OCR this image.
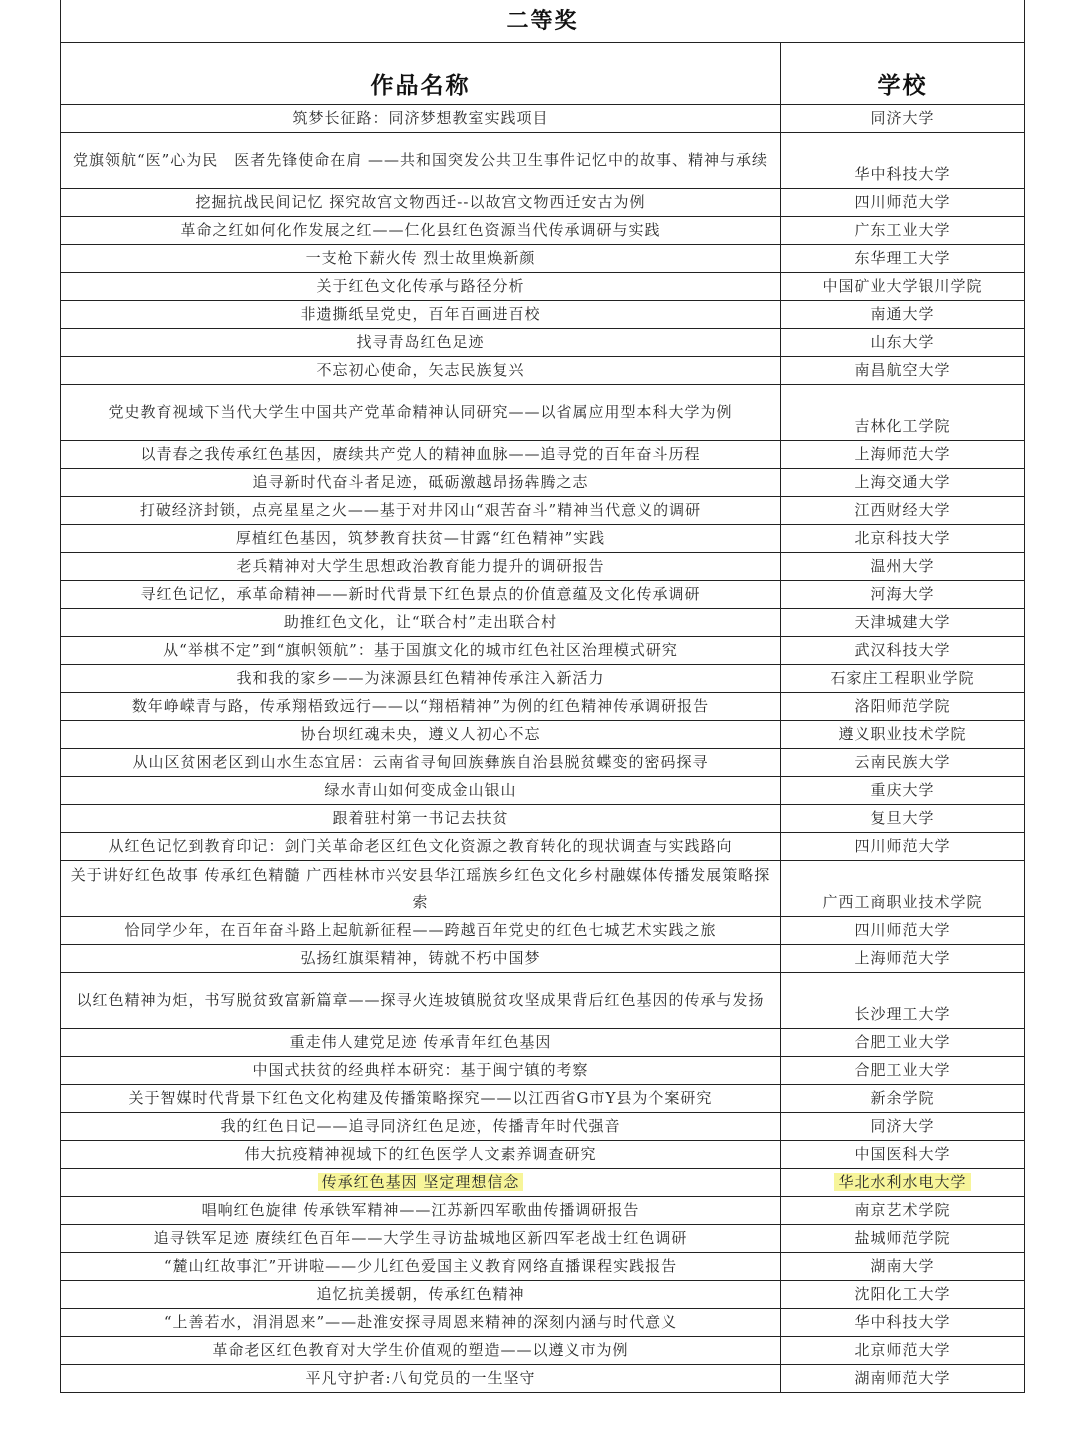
二等奖	
作品名称	学校
筑梦长征路：同济梦想教室实践项目	同济大学
党旗领航“医”心为民　医者先锋使命在肩 ——共和国突发公共卫生事件记忆中的故事、精神与承续	华中科技大学
挖掘抗战民间记忆 探究故宫文物西迁--以故宫文物西迁安古为例	四川师范大学
革命之红如何化作发展之红——仁化县红色资源当代传承调研与实践	广东工业大学
一支枪下薪火传 烈士故里焕新颜	东华理工大学
关于红色文化传承与路径分析	中国矿业大学银川学院
非遗撕纸呈党史，百年百画进百校	南通大学
找寻青岛红色足迹	山东大学
不忘初心使命，矢志民族复兴	南昌航空大学
党史教育视域下当代大学生中国共产党革命精神认同研究——以省属应用型本科大学为例	吉林化工学院
以青春之我传承红色基因，赓续共产党人的精神血脉——追寻党的百年奋斗历程	上海师范大学
追寻新时代奋斗者足迹，砥砺激越昂扬犇腾之志	上海交通大学
打破经济封锁，点亮星星之火——基于对井冈山“艰苦奋斗”精神当代意义的调研	江西财经大学
厚植红色基因，筑梦教育扶贫—甘露“红色精神”实践	北京科技大学
老兵精神对大学生思想政治教育能力提升的调研报告	温州大学
寻红色记忆，承革命精神——新时代背景下红色景点的价值意蕴及文化传承调研	河海大学
助推红色文化，让“联合村”走出联合村	天津城建大学
从“举棋不定”到“旗帜领航”：基于国旗文化的城市红色社区治理模式研究	武汉科技大学
我和我的家乡——为涞源县红色精神传承注入新活力	石家庄工程职业学院
数年峥嵘青与路，传承翔梧致远行——以“翔梧精神”为例的红色精神传承调研报告	洛阳师范学院
协台坝红魂未央，遵义人初心不忘	遵义职业技术学院
从山区贫困老区到山水生态宜居：云南省寻甸回族彝族自治县脱贫蝶变的密码探寻	云南民族大学
绿水青山如何变成金山银山	重庆大学
跟着驻村第一书记去扶贫	复旦大学
从红色记忆到教育印记：剑门关革命老区红色文化资源之教育转化的现状调查与实践路向	四川师范大学
关于讲好红色故事 传承红色精髓 广西桂林市兴安县华江瑶族乡红色文化乡村融媒体传播发展策略探索	广西工商职业技术学院
恰同学少年，在百年奋斗路上起航新征程——跨越百年党史的红色七城艺术实践之旅	四川师范大学
弘扬红旗渠精神，铸就不朽中国梦	上海师范大学
以红色精神为炬，书写脱贫致富新篇章——探寻火连坡镇脱贫攻坚成果背后红色基因的传承与发扬	长沙理工大学
重走伟人建党足迹 传承青年红色基因	合肥工业大学
中国式扶贫的经典样本研究：基于闽宁镇的考察	合肥工业大学
关于智媒时代背景下红色文化构建及传播策略探究——以江西省G市Y县为个案研究	新余学院
我的红色日记——追寻同济红色足迹，传播青年时代强音	同济大学
伟大抗疫精神视域下的红色医学人文素养调查研究	中国医科大学
传承红色基因 坚定理想信念	华北水利水电大学
唱响红色旋律 传承铁军精神——江苏新四军歌曲传播调研报告	南京艺术学院
追寻铁军足迹 赓续红色百年——大学生寻访盐城地区新四军老战士红色调研	盐城师范学院
“麓山红故事汇”开讲啦——少儿红色爱国主义教育网络直播课程实践报告	湖南大学
追忆抗美援朝，传承红色精神	沈阳化工大学
“上善若水，涓涓恩来”——赴淮安探寻周恩来精神的深刻内涵与时代意义	华中科技大学
革命老区红色教育对大学生价值观的塑造——以遵义市为例	北京师范大学
平凡守护者:八旬党员的一生坚守	湖南师范大学
